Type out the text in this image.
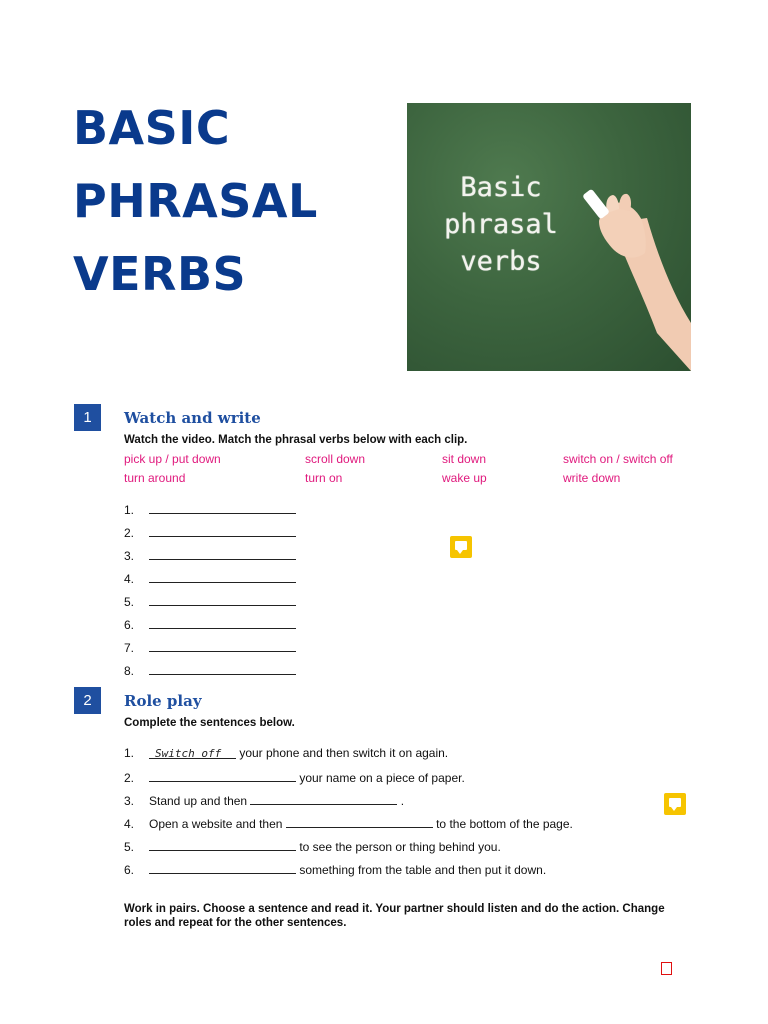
BASIC
PHRASAL
VERBS
Basic
phrasal
verbs
1	Watch and write
Watch the video. Match the phrasal verbs below with each clip.
pick up / put down	scroll down	sit down	switch on / switch off
turn around	turn on	wake up	write down
1.
2.
3.
4.
5.
6.
7.
8.
2	Role play
Complete the sentences below.
1. Switch off your phone and then switch it on again.
2.	your name on a piece of paper.
3. Stand up and then	.
4. Open a website and then	to the bottom of the page.
5.	to see the person or thing behind you.
6.	something from the table and then put it down.
Work in pairs. Choose a sentence and read it. Your partner should listen and do the action. Change roles and repeat for the other sentences.
